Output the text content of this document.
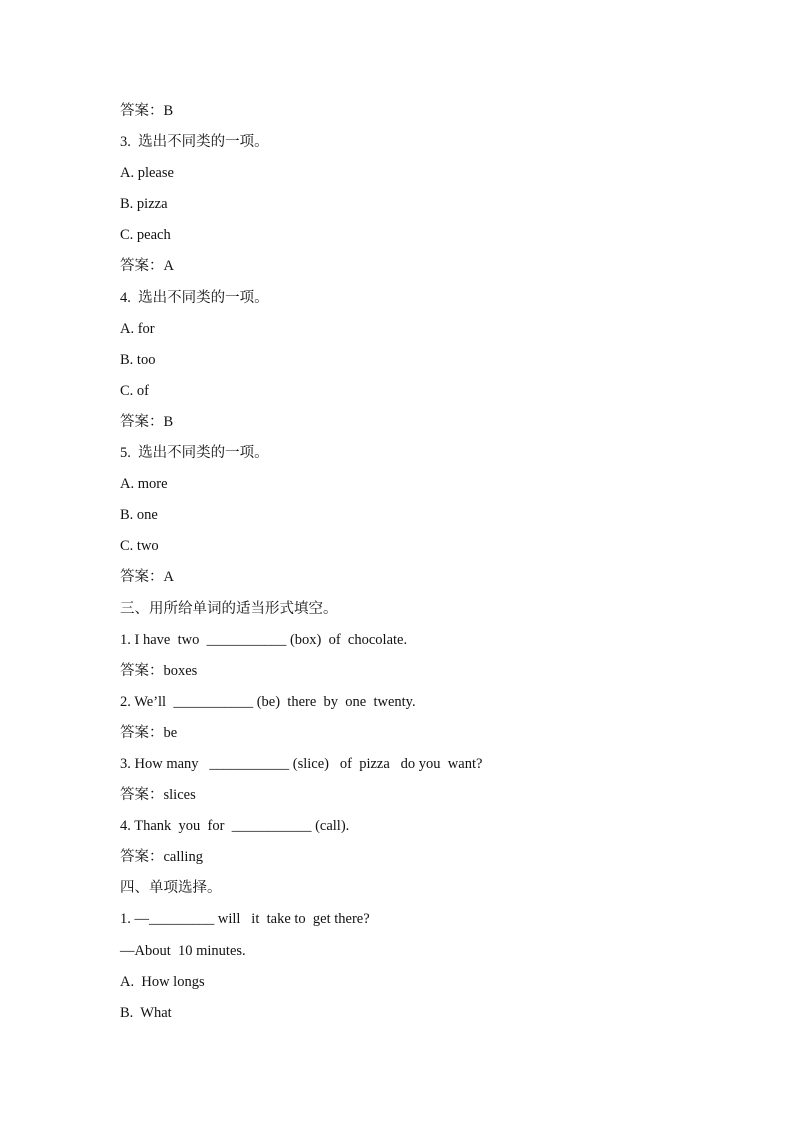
答案：B
3.  选出不同类的一项。
A. please
B. pizza
C. peach
答案：A
4.  选出不同类的一项。
A. for
B. too
C. of
答案：B
5.  选出不同类的一项。
A. more
B. one
C. two
答案：A
三、用所给单词的适当形式填空。
1. I have  two  ___________ (box)  of  chocolate.
答案：boxes
2. We’ll  ___________ (be)  there  by  one  twenty.
答案：be
3. How many   ___________ (slice)   of  pizza   do you  want?
答案：slices
4. Thank  you  for  ___________ (call).
答案：calling
四、单项选择。
1. —_________ will   it  take to  get there?
—About  10 minutes.
A.  How longs
B.  What
